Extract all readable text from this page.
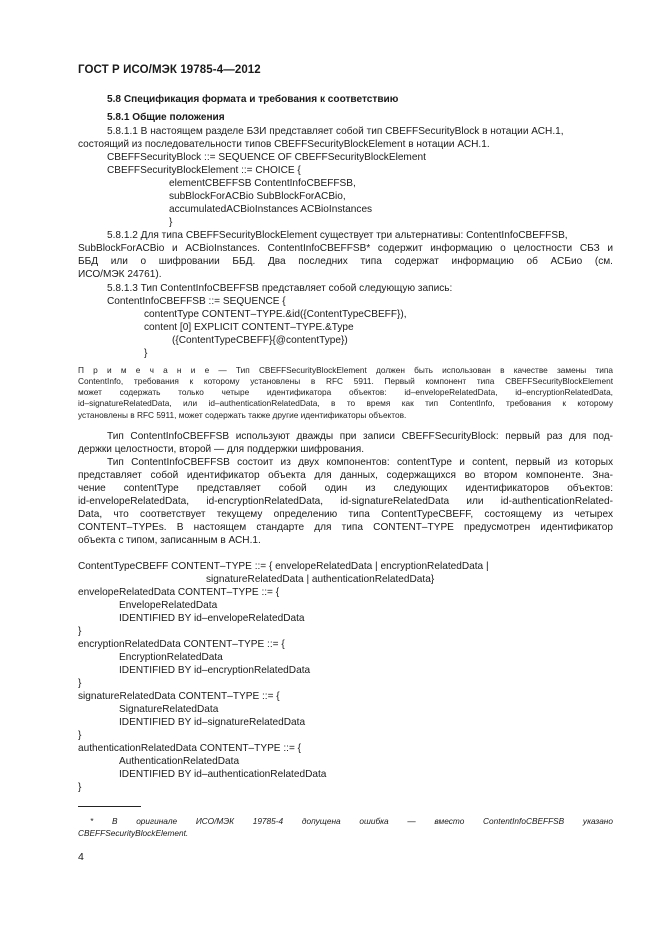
ГОСТ Р ИСО/МЭК 19785-4—2012
5.8 Спецификация формата и требования к соответствию
5.8.1 Общие положения
5.8.1.1 В настоящем разделе БЗИ представляет собой тип CBEFFSecurityBlock в нотации АСН.1,
состоящий из последовательности типов CBEFFSecurityBlockElement в нотации АСН.1.
CBEFFSecurityBlock ::= SEQUENCE OF CBEFFSecurityBlockElement
CBEFFSecurityBlockElement ::= CHOICE {
elementCBEFFSB ContentInfoCBEFFSB,
subBlockForACBio SubBlockForACBio,
accumulatedACBioInstances ACBioInstances
}
5.8.1.2 Для типа CBEFFSecurityBlockElement существует три альтернативы: ContentInfoCBEFFSB,
SubBlockForACBio и ACBioInstances. ContentInfoCBEFFSB* содержит информацию о целостности СБЗ и
ББД или о шифровании ББД. Два последних типа содержат информацию об АСБио (см.
ИСО/МЭК 24761).
5.8.1.3 Тип ContentInfoCBEFFSB представляет собой следующую запись:
ContentInfoCBEFFSB ::= SEQUENCE {
contentType CONTENT–TYPE.&id({ContentTypeCBEFF}),
content [0] EXPLICIT CONTENT–TYPE.&Type
({ContentTypeCBEFF}{@contentType})
}
П р и м е ч а н и е — Тип CBEFFSecurityBlockElement должен быть использован в качестве замены типа
ContentInfo, требования к которому установлены в RFC 5911. Первый компонент типа CBEFFSecurityBlockElement
может содержать только четыре идентификатора объектов: id–envelopeRelatedData, id–encryptionRelatedData,
id–signatureRelatedData, или id–authenticationRelatedData, в то время как тип ContentInfo, требования к которому
установлены в RFC 5911, может содержать также другие идентификаторы объектов.
Тип ContentInfoCBEFFSB используют дважды при записи CBEFFSecurityBlock: первый раз для под-
держки целостности, второй — для поддержки шифрования.
Тип ContentInfoCBEFFSB состоит из двух компонентов: contentType и content, первый из которых
представляет собой идентификатор объекта для данных, содержащихся во втором компоненте. Зна-
чение contentType представляет собой один из следующих идентификаторов объектов:
id-envelopeRelatedData, id-encryptionRelatedData, id-signatureRelatedData или id-authenticationRelated-
Data, что соответствует текущему определению типа ContentTypeCBEFF, состоящему из четырех
CONTENT–TYPEs. В настоящем стандарте для типа CONTENT–TYPE предусмотрен идентификатор
объекта с типом, записанным в АСН.1.
ContentTypeCBEFF CONTENT–TYPE ::= { envelopeRelatedData | encryptionRelatedData |
signatureRelatedData | authenticationRelatedData}
envelopeRelatedData CONTENT–TYPE ::= {
EnvelopeRelatedData
IDENTIFIED BY id–envelopeRelatedData
}
encryptionRelatedData CONTENT–TYPE ::= {
EncryptionRelatedData
IDENTIFIED BY id–encryptionRelatedData
}
signatureRelatedData CONTENT–TYPE ::= {
SignatureRelatedData
IDENTIFIED BY id–signatureRelatedData
}
authenticationRelatedData CONTENT–TYPE ::= {
AuthenticationRelatedData
IDENTIFIED BY id–authenticationRelatedData
}
* В оригинале ИСО/МЭК 19785-4 допущена ошибка — вместо ContentInfoCBEFFSB указано
CBEFFSecurityBlockElement.
4
